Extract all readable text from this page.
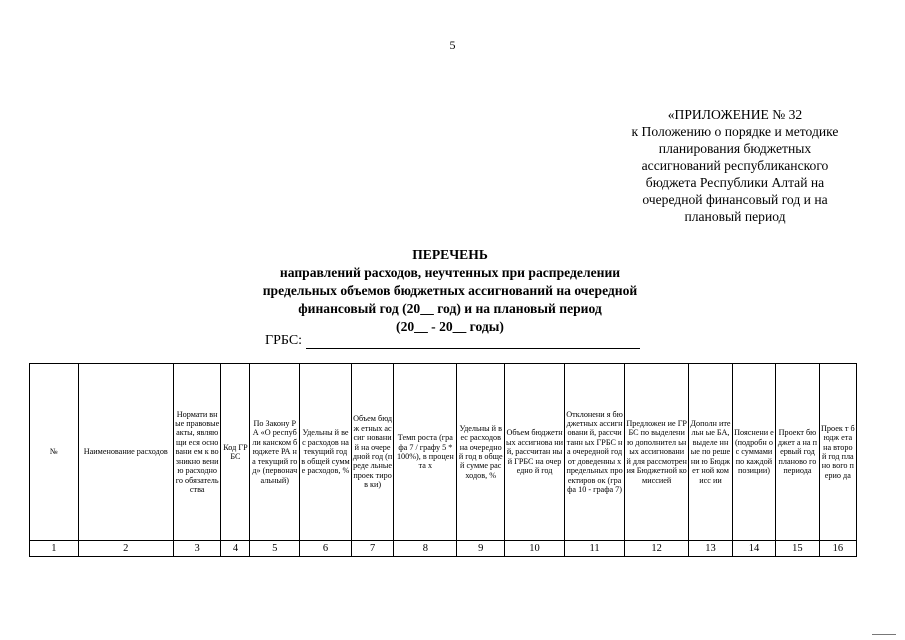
5
«ПРИЛОЖЕНИЕ № 32
к Положению о порядке и методике
планирования бюджетных
ассигнований республиканского
бюджета Республики Алтай на
очередной финансовый год и на
плановый период
ПЕРЕЧЕНЬ
направлений расходов, неучтенных при распределении
предельных объемов бюджетных ассигнований на очередной
финансовый год (20__ год) и на плановый период
(20__ - 20__ годы)
ГРБС:
№	Наименование расходов	Нормати вные правовые акты, являющи еся основани ем к возникно вению расходно го обязатель ства	Код ГРБС	По Закону РА «О республи канском бюджете РА на текущий год» (первонач альный)	Удельны й вес расходов на текущий год в общей сумме расходов, %	Объем бюдж етных ассиг новани й на очере дной год (преде льные проек тиров ки)	Темп роста (графа 7 / графу 5 * 100%), в процента х	Удельны й вес расходов на очередно й год в общей сумме расходов, %	Объем бюджетн ых ассигнова ний, рассчитан ный ГРБС на очередно й год	Отклонени я бюджетных ассигновани й, рассчитанн ых ГРБС на очередной год от доведенны х предельных проектиров ок (графа 10 - графа 7)	Предложен ие ГРБС по выделению дополнител ьных ассигновани й для рассмотрен ия Бюджетной комиссией	Дополн ительн ые БА, выделе нные по решени ю Бюджет ной комисс ии	Пояснени е (подробн о с суммами по каждой позиции)	Проект бюджет а на первый год планово го периода	Проек т бюдж ета на второ й год плано вого перио да
1	2	3	4	5	6	7	8	9	10	11	12	13	14	15	16
